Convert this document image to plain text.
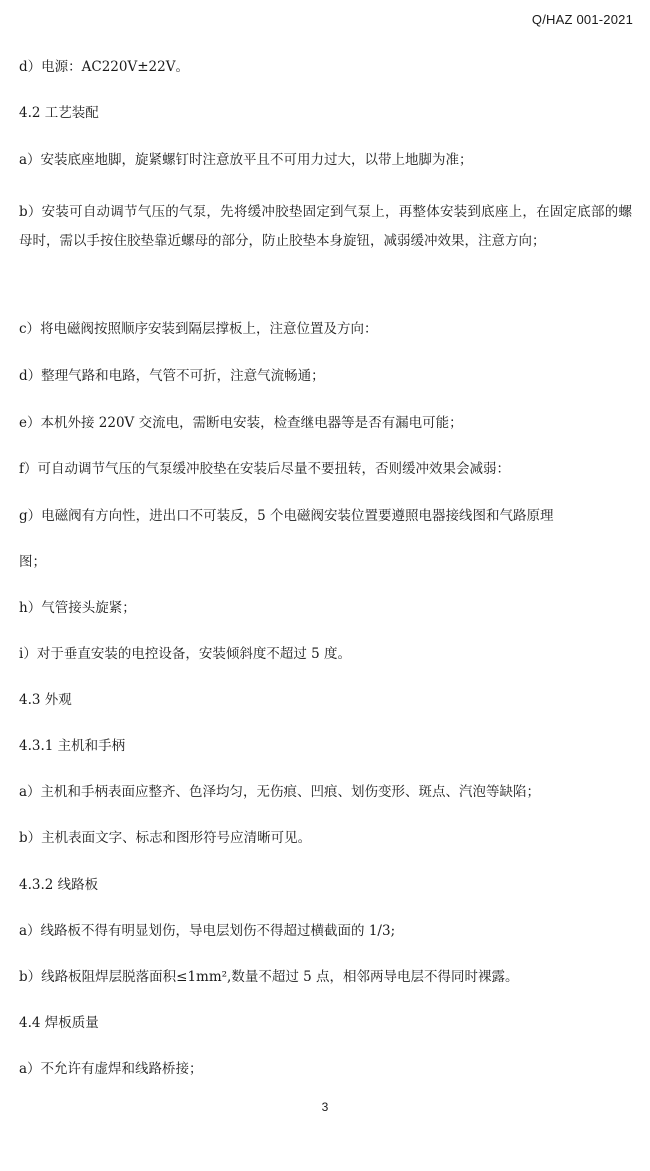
Q/HAZ 001-2021
d）电源：AC220V±22V。
4.2 工艺装配
a）安装底座地脚，旋紧螺钉时注意放平且不可用力过大，以带上地脚为准；
b）安装可自动调节气压的气泵，先将缓冲胶垫固定到气泵上，再整体安装到底座上，在固定底部的螺母时，需以手按住胶垫靠近螺母的部分，防止胶垫本身旋钮，减弱缓冲效果，注意方向；
c）将电磁阀按照顺序安装到隔层撑板上，注意位置及方向：
d）整理气路和电路，气管不可折，注意气流畅通；
e）本机外接 220V 交流电，需断电安装，检查继电器等是否有漏电可能；
f）可自动调节气压的气泵缓冲胶垫在安装后尽量不要扭转，否则缓冲效果会减弱：
g）电磁阀有方向性，进出口不可装反，5 个电磁阀安装位置要遵照电器接线图和气路原理
图；
h）气管接头旋紧；
i）对于垂直安装的电控设备，安装倾斜度不超过 5 度。
4.3 外观
4.3.1 主机和手柄
a）主机和手柄表面应整齐、色泽均匀，无伤痕、凹痕、划伤变形、斑点、汽泡等缺陷；
b）主机表面文字、标志和图形符号应清晰可见。
4.3.2 线路板
a）线路板不得有明显划伤，导电层划伤不得超过横截面的 1/3;
b）线路板阻焊层脱落面积≤1mm²,数量不超过 5 点，相邻两导电层不得同时裸露。
4.4 焊板质量
a）不允许有虚焊和线路桥接；
3
